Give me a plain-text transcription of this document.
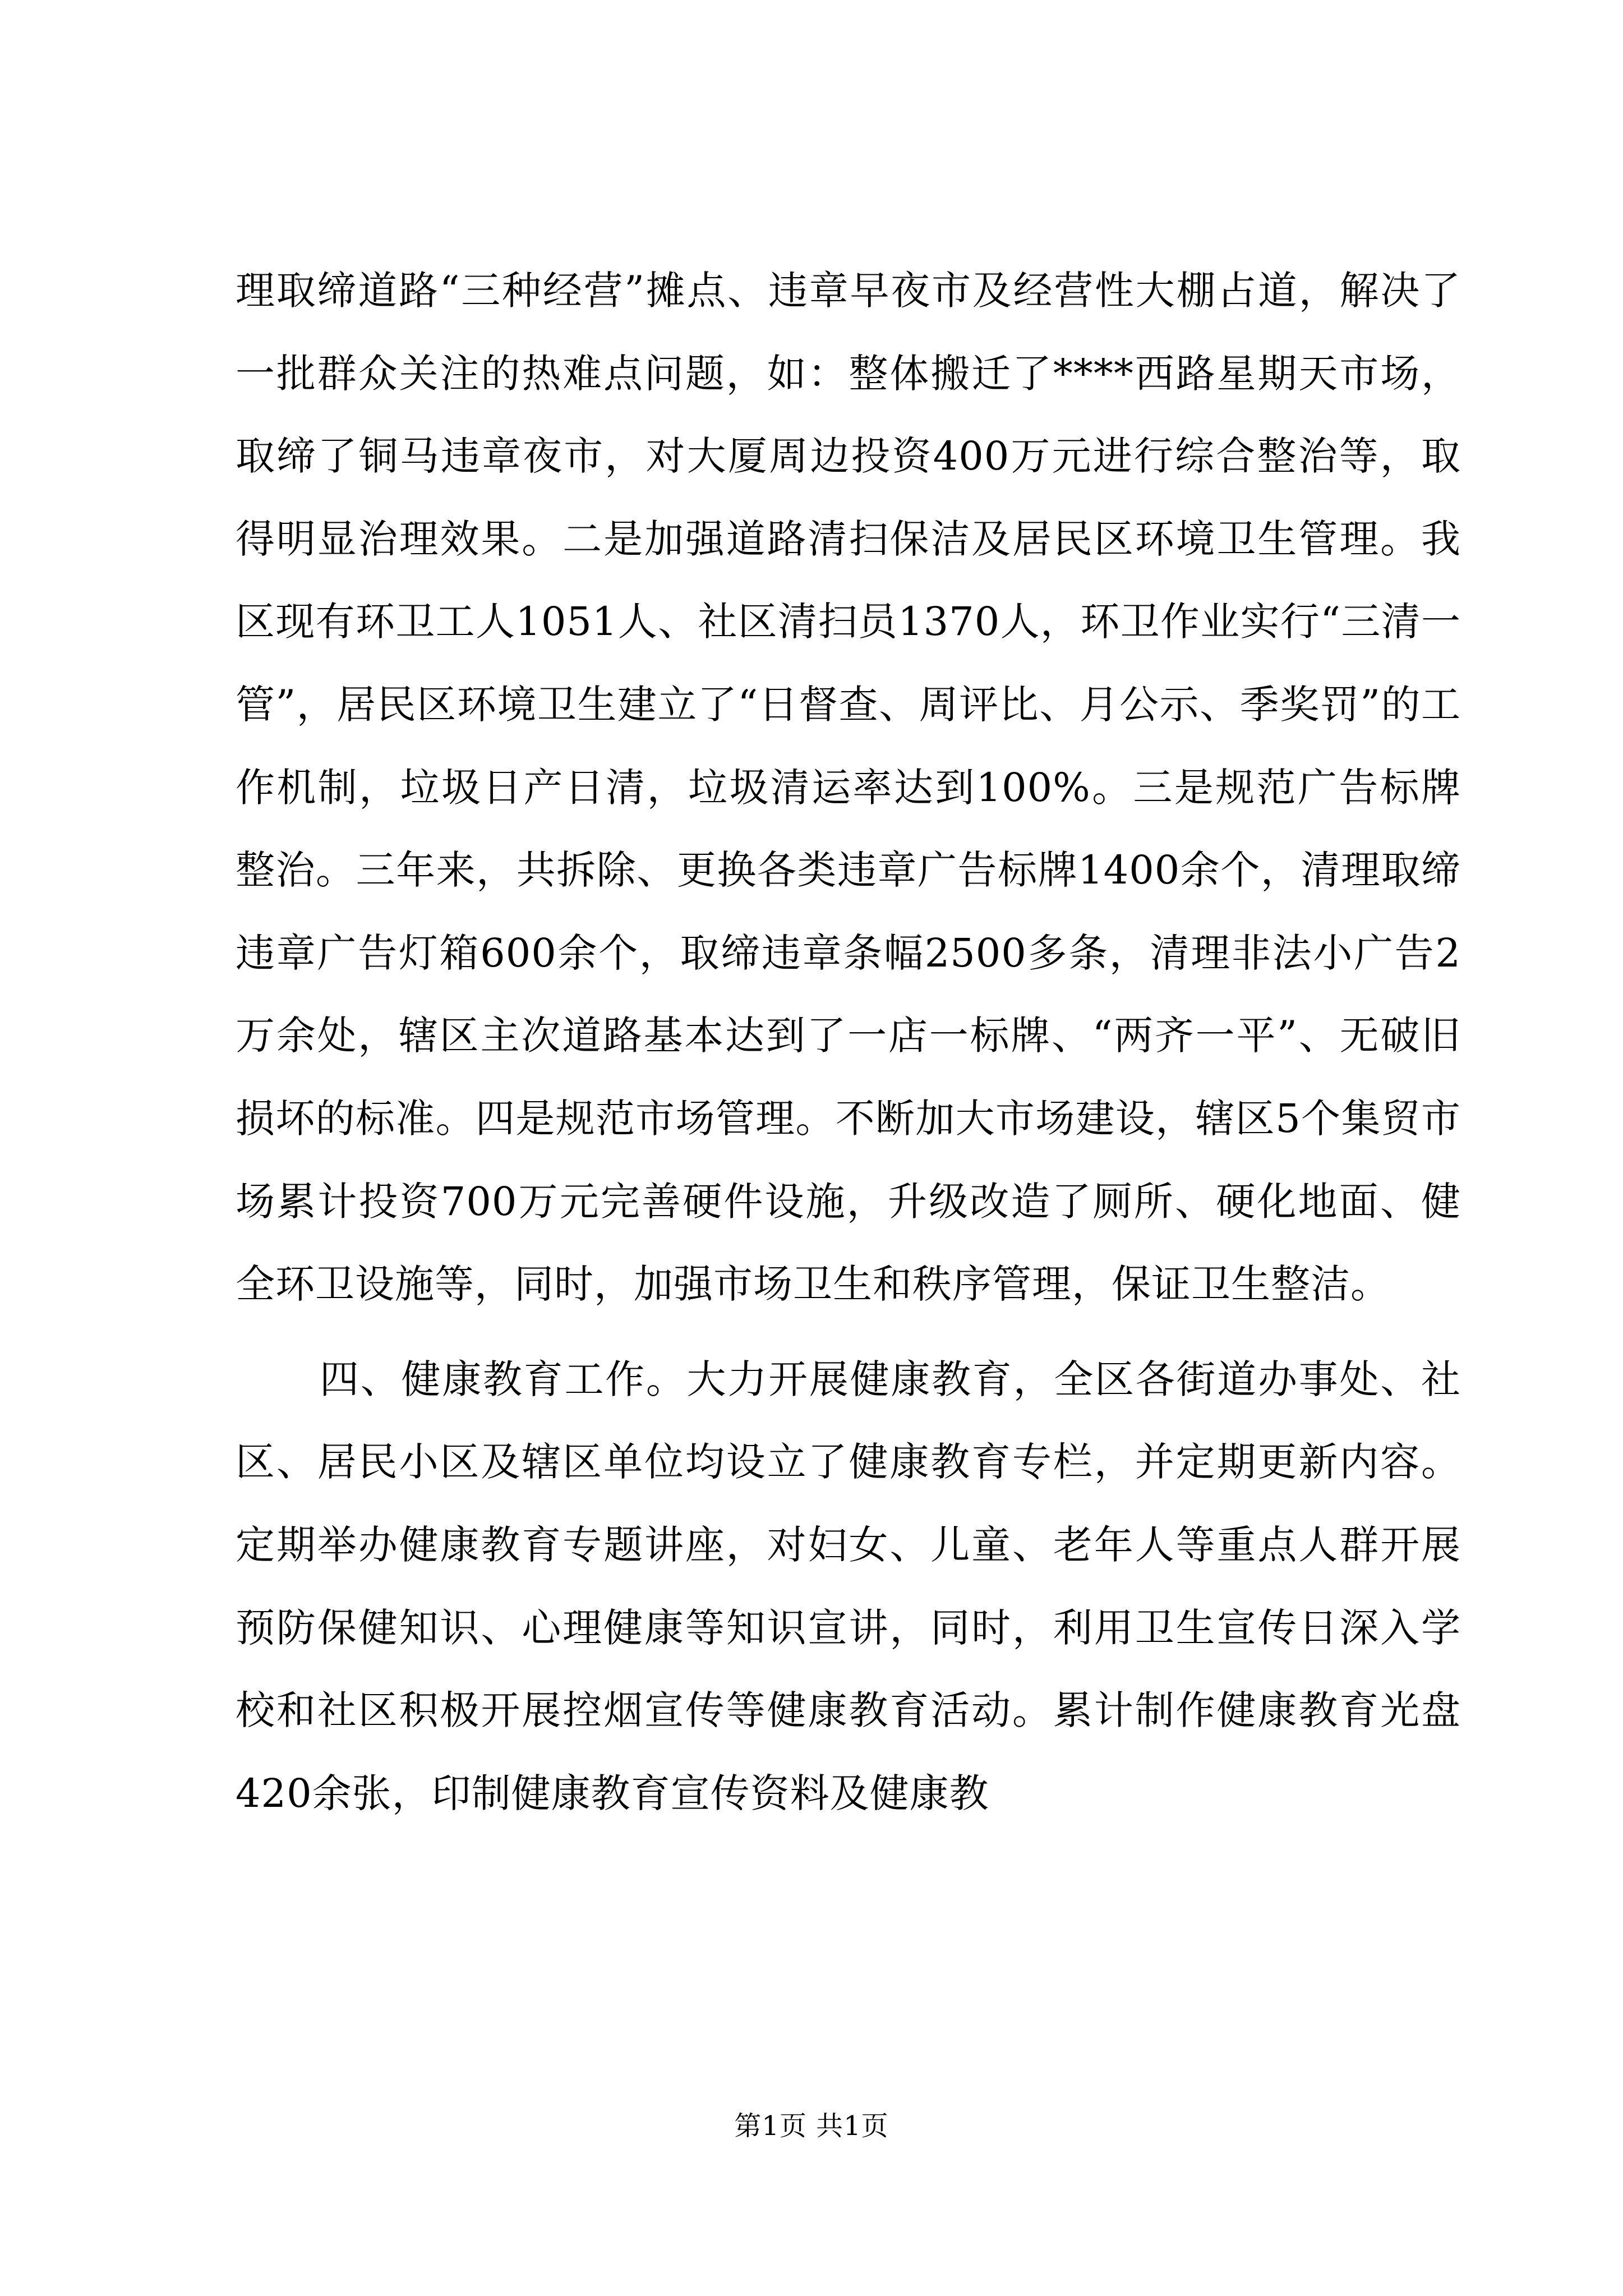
理取缔道路“三种经营”摊点、违章早夜市及经营性大棚占道，解决了一批群众关注的热难点问题，如：整体搬迁了****西路星期天市场，取缔了铜马违章夜市，对大厦周边投资400万元进行综合整治等，取得明显治理效果。二是加强道路清扫保洁及居民区环境卫生管理。我区现有环卫工人1051人、社区清扫员1370人，环卫作业实行“三清一管”，居民区环境卫生建立了“日督查、周评比、月公示、季奖罚”的工作机制，垃圾日产日清，垃圾清运率达到100%。三是规范广告标牌整治。三年来，共拆除、更换各类违章广告标牌1400余个，清理取缔违章广告灯箱600余个，取缔违章条幅2500多条，清理非法小广告2万余处，辖区主次道路基本达到了一店一标牌、“两齐一平”、无破旧损坏的标准。四是规范市场管理。不断加大市场建设，辖区5个集贸市场累计投资700万元完善硬件设施，升级改造了厕所、硬化地面、健全环卫设施等，同时，加强市场卫生和秩序管理，保证卫生整洁。

四、健康教育工作。大力开展健康教育，全区各街道办事处、社区、居民小区及辖区单位均设立了健康教育专栏，并定期更新内容。定期举办健康教育专题讲座，对妇女、儿童、老年人等重点人群开展预防保健知识、心理健康等知识宣讲，同时，利用卫生宣传日深入学校和社区积极开展控烟宣传等健康教育活动。累计制作健康教育光盘420余张，印制健康教育宣传资料及健康教

第1页 共1页
